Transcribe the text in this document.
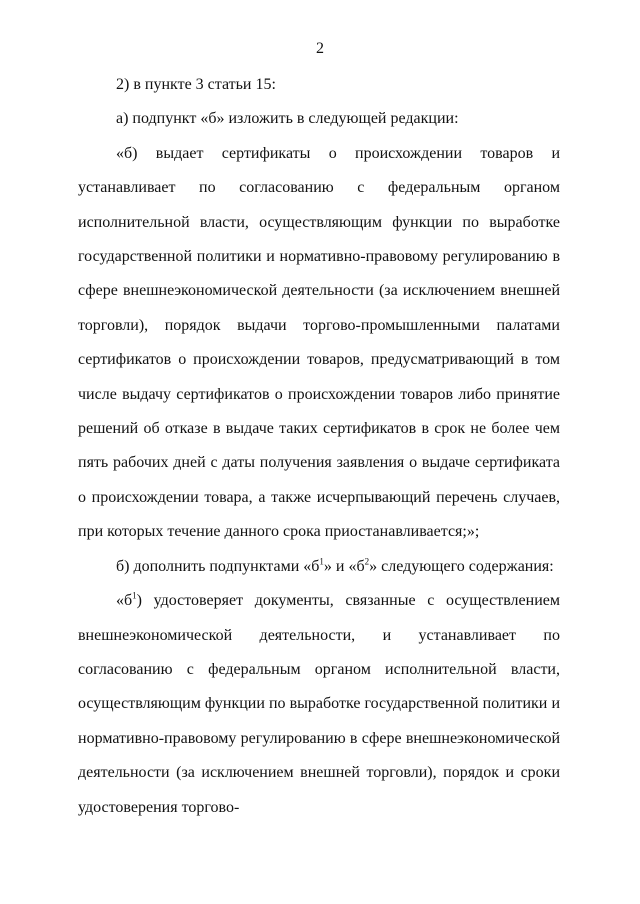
2

2) в пункте 3 статьи 15:

а) подпункт «б» изложить в следующей редакции:

«б) выдает сертификаты о происхождении товаров и устанавливает по согласованию с федеральным органом исполнительной власти, осуществляющим функции по выработке государственной политики и нормативно-правовому регулированию в сфере внешнеэкономической деятельности (за исключением внешней торговли), порядок выдачи торгово-промышленными палатами сертификатов о происхождении товаров, предусматривающий в том числе выдачу сертификатов о происхождении товаров либо принятие решений об отказе в выдаче таких сертификатов в срок не более чем пять рабочих дней с даты получения заявления о выдаче сертификата о происхождении товара, а также исчерпывающий перечень случаев, при которых течение данного срока приостанавливается;»;

б) дополнить подпунктами «$б^1$» и «$б^2$» следующего содержания:

«$б^1$) удостоверяет документы, связанные с осуществлением внешнеэкономической деятельности, и устанавливает по согласованию с федеральным органом исполнительной власти, осуществляющим функции по выработке государственной политики и нормативно-правовому регулированию в сфере внешнеэкономической деятельности (за исключением внешней торговли), порядок и сроки удостоверения торгово-
